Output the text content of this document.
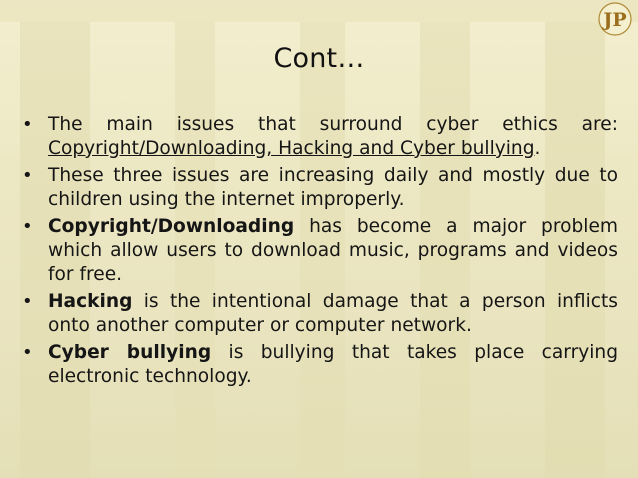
JP
Cont…
• The main issues that surround cyber ethics are: Copyright/Downloading, Hacking and Cyber bullying.
• These three issues are increasing daily and mostly due to children using the internet improperly.
• Copyright/Downloading has become a major problem which allow users to download music, programs and videos for free.
• Hacking is the intentional damage that a person inflicts onto another computer or computer network.
• Cyber bullying is bullying that takes place carrying electronic technology.
